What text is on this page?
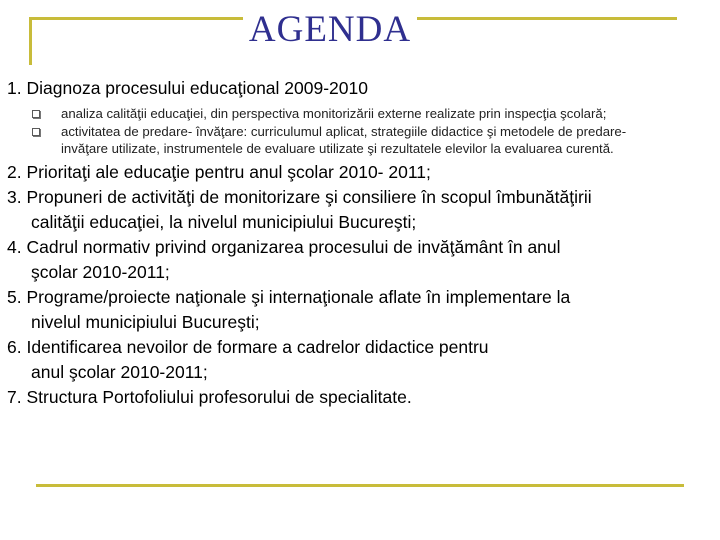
AGENDA

1. Diagnoza procesului educaţional 2009-2010

analiza calităţii educaţiei, din perspectiva monitorizării externe realizate prin inspecţia şcolară;
activitatea de predare- învăţare: curriculumul aplicat, strategiile didactice şi metodele de predare-
invăţare utilizate, instrumentele de evaluare utilizate şi rezultatele elevilor la evaluarea curentă.

2. Prioritaţi ale educaţie pentru anul şcolar 2010- 2011;

3. Propuneri de activităţi de monitorizare şi consiliere în scopul îmbunătăţirii
calităţii educaţiei, la nivelul municipiului Bucureşti;

4. Cadrul normativ privind organizarea procesului de invăţământ în anul
şcolar 2010-2011;

5. Programe/proiecte naţionale şi internaţionale aflate în implementare la
nivelul municipiului Bucureşti;

6. Identificarea nevoilor de formare a cadrelor didactice pentru
anul şcolar 2010-2011;

7. Structura Portofoliului profesorului de specialitate.
